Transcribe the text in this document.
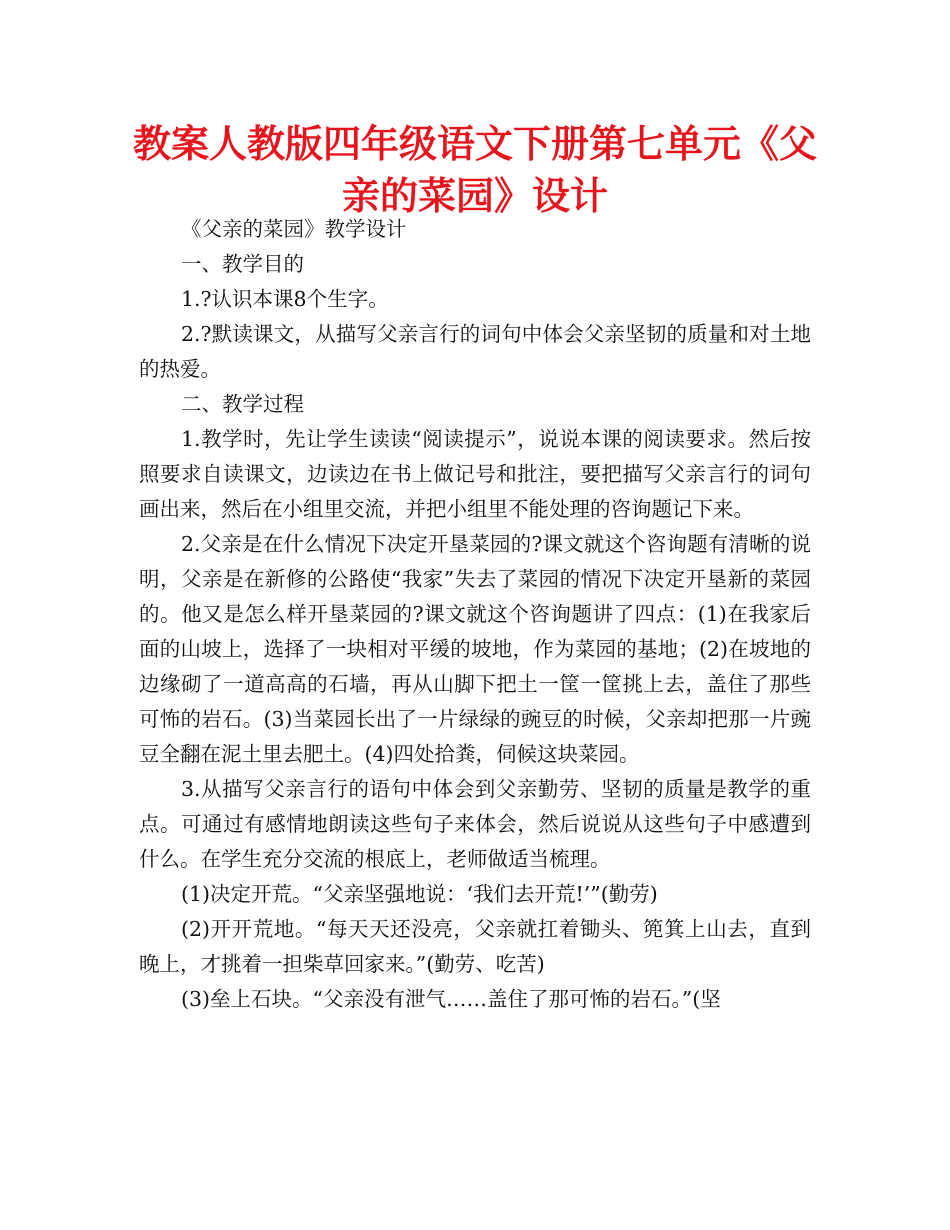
教案人教版四年级语文下册第七单元《父亲的菜园》设计

《父亲的菜园》教学设计

一、教学目的

1.?认识本课8个生字。

2.?默读课文，从描写父亲言行的词句中体会父亲坚韧的质量和对土地的热爱。

二、教学过程

1.教学时，先让学生读读“阅读提示”，说说本课的阅读要求。然后按照要求自读课文，边读边在书上做记号和批注，要把描写父亲言行的词句画出来，然后在小组里交流，并把小组里不能处理的咨询题记下来。

2.父亲是在什么情况下决定开垦菜园的?课文就这个咨询题有清晰的说明，父亲是在新修的公路使“我家”失去了菜园的情况下决定开垦新的菜园的。他又是怎么样开垦菜园的?课文就这个咨询题讲了四点：(1)在我家后面的山坡上，选择了一块相对平缓的坡地，作为菜园的基地；(2)在坡地的边缘砌了一道高高的石墙，再从山脚下把土一筐一筐挑上去，盖住了那些可怖的岩石。(3)当菜园长出了一片绿绿的豌豆的时候，父亲却把那一片豌豆全翻在泥土里去肥土。(4)四处拾粪，伺候这块菜园。

3.从描写父亲言行的语句中体会到父亲勤劳、坚韧的质量是教学的重点。可通过有感情地朗读这些句子来体会，然后说说从这些句子中感遭到什么。在学生充分交流的根底上，老师做适当梳理。

(1)决定开荒。“父亲坚强地说：‘我们去开荒!’”(勤劳)

(2)开开荒地。“每天天还没亮，父亲就扛着锄头、篼箕上山去，直到晚上，才挑着一担柴草回家来。”(勤劳、吃苦)

(3)垒上石块。“父亲没有泄气……盖住了那可怖的岩石。”(坚
